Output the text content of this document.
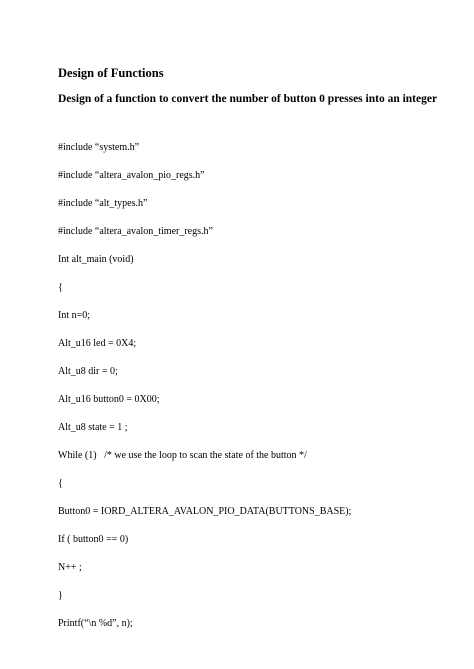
Design of Functions
Design of a function to convert the number of button 0 presses into an integer
#include “system.h”
#include “altera_avalon_pio_regs.h”
#include “alt_types.h”
#include “altera_avalon_timer_regs.h”
Int alt_main (void)
{
Int n=0;
Alt_u16 led = 0X4;
Alt_u8 dir = 0;
Alt_u16 button0 = 0X00;
Alt_u8 state = 1 ;
While (1)   /* we use the loop to scan the state of the button */
{
Button0 = IORD_ALTERA_AVALON_PIO_DATA(BUTTONS_BASE);
If ( button0 == 0)
N++ ;
}
Printf(“\n %d”, n);
